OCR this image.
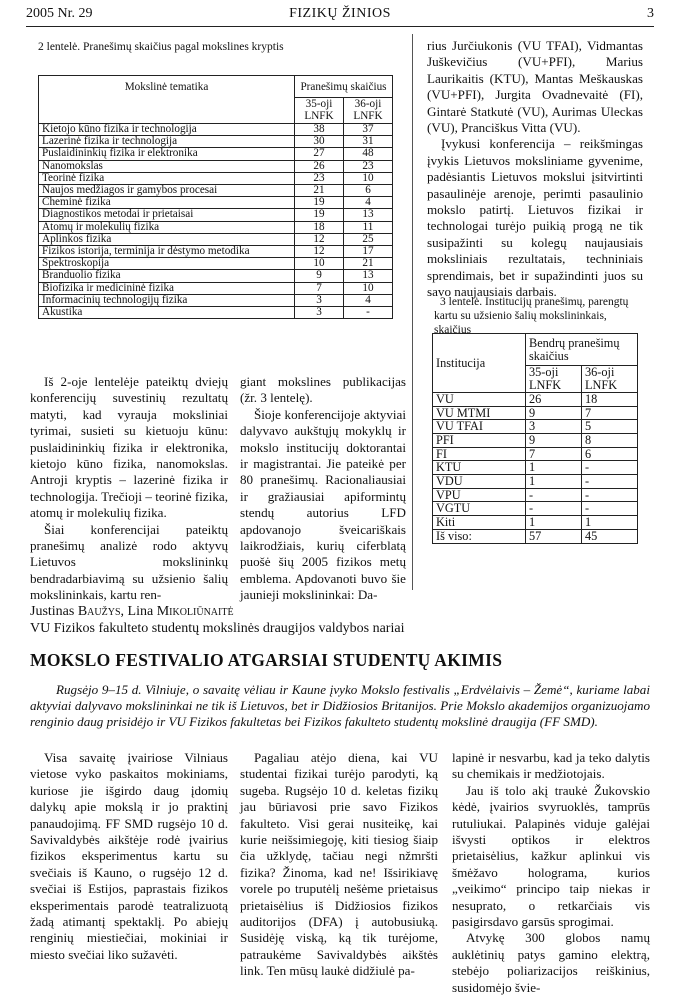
2005 Nr. 29	FIZIKŲ ŽINIOS	3
2 lentelė. Pranešimų skaičius pagal mokslines kryptis
Mokslinė tematika	Pranešimų skaičius	
	35-oji LNFK	36-oji LNFK
Kietojo kūno fizika ir technologija	38	37
Lazerinė fizika ir technologija	30	31
Puslaidininkių fizika ir elektronika	27	48
Nanomokslas	26	23
Teorinė fizika	23	10
Naujos medžiagos ir gamybos procesai	21	6
Cheminė fizika	19	4
Diagnostikos metodai ir prietaisai	19	13
Atomų ir molekulių fizika	18	11
Aplinkos fizika	12	25
Fizikos istorija, terminija ir dėstymo metodika	12	17
Spektroskopija	10	21
Branduolio fizika	9	13
Biofizika ir medicininė fizika	7	10
Informacinių technologijų fizika	3	4
Akustika	3	-

rius Jurčiukonis (VU TFAI), Vidmantas Juškevičius (VU+PFI), Marius Laurikaitis (KTU), Mantas Meškauskas (VU+PFI), Jurgita Ovadnevaitė (FI), Gintarė Statkutė (VU), Aurimas Uleckas (VU), Pranciškus Vitta (VU).

Įvykusi konferencija – reikšmingas įvykis Lietuvos moksliniame gyvenime, padėsiantis Lietuvos mokslui įsitvirtinti pasaulinėje arenoje, perimti pasaulinio mokslo patirtį. Lietuvos fizikai ir technologai turėjo puikią progą ne tik susipažinti su kolegų naujausiais moksliniais rezultatais, techniniais sprendimais, bet ir supažindinti juos su savo naujausiais darbais.

3 lentelė. Institucijų pranešimų, parengtų kartu su užsienio šalių mokslininkais, skaičius
Institucija	Bendrų pranešimų skaičius	
	35-oji LNFK	36-oji LNFK
VU	26	18
VU MTMI	9	7
VU TFAI	3	5
PFI	9	8
FI	7	6
KTU	1	-
VDU	1	-
VPU	-	-
VGTU	-	-
Kiti	1	1
Iš viso:	57	45

Iš 2-oje lentelėje pateiktų dviejų konferencijų suvestinių rezultatų matyti, kad vyrauja moksliniai tyrimai, susieti su kietuoju kūnu: puslaidininkių fizika ir elektronika, kietojo kūno fizika, nanomokslas. Antroji kryptis – lazerinė fizika ir technologija. Trečioji – teorinė fizika, atomų ir molekulių fizika.

Šiai konferencijai pateiktų pranešimų analizė rodo aktyvų Lietuvos mokslininkų bendradarbiavimą su užsienio šalių mokslininkais, kartu ren-

giant mokslines publikacijas (žr. 3 lentelę).

Šioje konferencijoje aktyviai dalyvavo aukštųjų mokyklų ir mokslo institucijų doktorantai ir magistrantai. Jie pateikė per 80 pranešimų. Racionaliausiai ir gražiausiai apiformintų stendų autorius LFD apdovanojo šveicariškais laikrodžiais, kurių ciferblatą puošė šių 2005 fizikos metų emblema. Apdovanoti buvo šie jaunieji mokslininkai: Da-

Justinas Baužys, Lina Mikoliūnaitė
VU Fizikos fakulteto studentų mokslinės draugijos valdybos nariai
MOKSLO FESTIVALIO ATGARSIAI STUDENTŲ AKIMIS
Rugsėjo 9–15 d. Vilniuje, o savaitę vėliau ir Kaune įvyko Mokslo festivalis „Erdvėlaivis – Žemė“, kuriame labai aktyviai dalyvavo mokslininkai ne tik iš Lietuvos, bet ir Didžiosios Britanijos. Prie Mokslo akademijos organizuojamo renginio daug prisidėjo ir VU Fizikos fakultetas bei Fizikos fakulteto studentų mokslinė draugija (FF SMD).

Visa savaitę įvairiose Vilniaus vietose vyko paskaitos mokiniams, kuriose jie išgirdo daug įdomių dalykų apie mokslą ir jo praktinį panaudojimą. FF SMD rugsėjo 10 d. Savivaldybės aikštėje rodė įvairius fizikos eksperimentus kartu su svečiais iš Kauno, o rugsėjo 12 d. svečiai iš Estijos, paprastais fizikos eksperimentais parodė teatralizuotą žadą atimantį spektaklį. Po abiejų renginių miestiečiai, mokiniai ir miesto svečiai liko sužavėti.

Pagaliau atėjo diena, kai VU studentai fizikai turėjo parodyti, ką sugeba. Rugsėjo 10 d. keletas fizikų jau būriavosi prie savo Fizikos fakulteto. Visi gerai nusiteikę, kai kurie neišsimiegoję, kiti tiesiog šiaip čia užklydę, tačiau negi nžmršti fizika? Žinoma, kad ne! Išsirikiavę vorele po truputėlį nešėme prietaisus prietaisėlius iš Didžiosios fizikos auditorijos (DFA) į autobusiuką. Susidėję viską, ką tik turėjome, patraukėme Savivaldybės aikštės link. Ten mūsų laukė didžiulė pa-

lapinė ir nesvarbu, kad ja teko dalytis su chemikais ir medžiotojais.

Jau iš tolo akį traukė Žukovskio kėdė, įvairios svyruoklės, tamprūs rutuliukai. Palapinės viduje galėjai išvysti optikos ir elektros prietaisėlius, kažkur aplinkui vis šmėžavo holograma, kurios „veikimo“ principo taip niekas ir nesuprato, o retkarčiais vis pasigirsdavo garsūs sprogimai.

Atvykę 300 globos namų auklėtinių patys gamino elektrą, stebėjo poliarizacijos reiškinius, susidomėjo švie-
